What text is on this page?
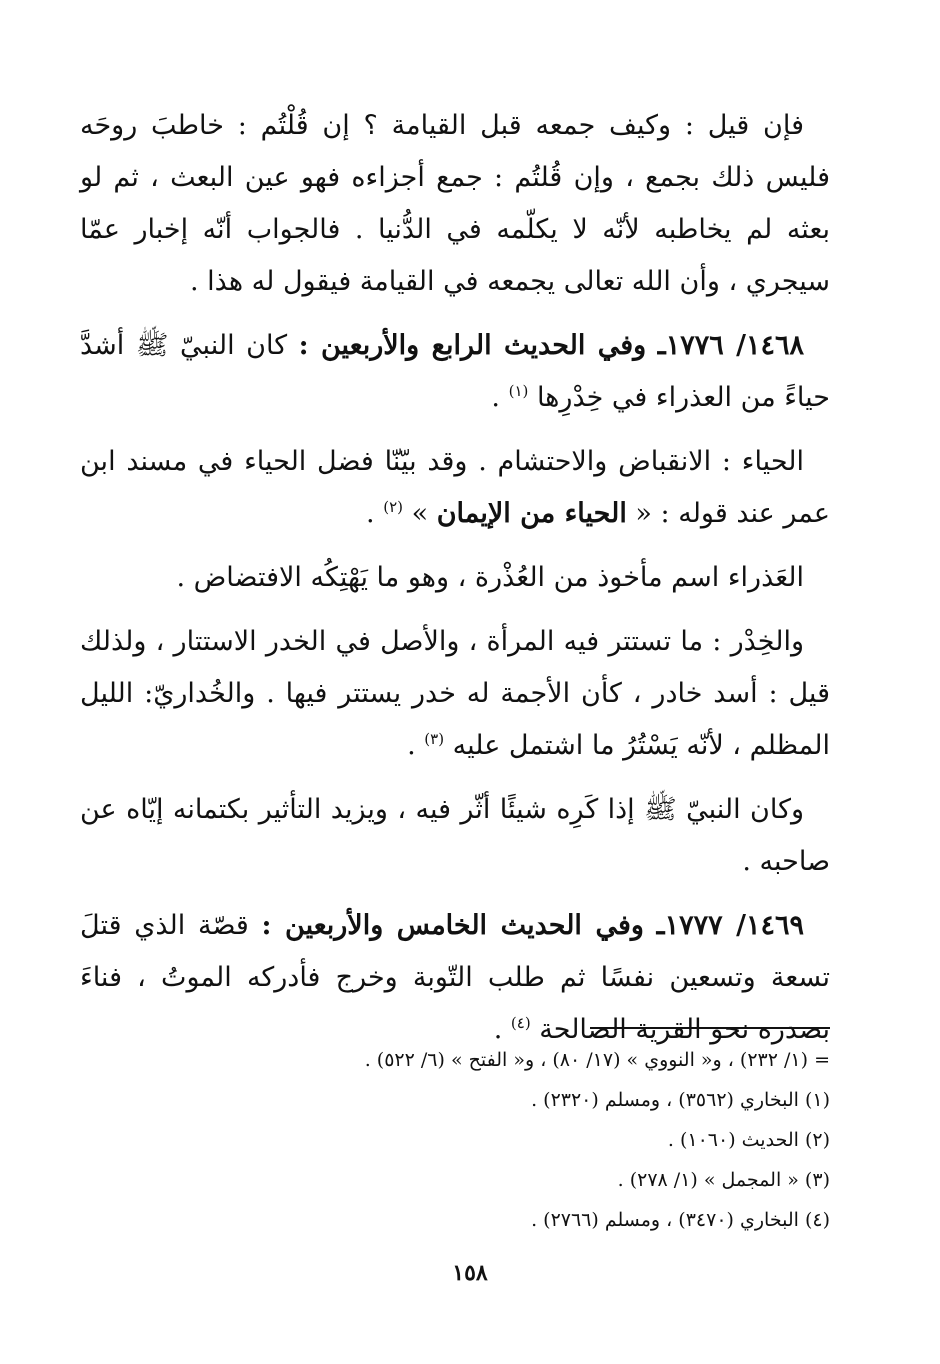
فإن قيل : وكيف جمعه قبل القيامة ؟ إن قُلْتُم : خاطبَ روحَه فليس ذلك بجمع ، وإن قُلتُم : جمع أجزاءه فهو عين البعث ، ثم لو بعثه لم يخاطبه لأنّه لا يكلّمه في الدُّنيا . فالجواب أنّه إخبار عمّا سيجري ، وأن الله تعالى يجمعه في القيامة فيقول له هذا .

١٤٦٨/ ١٧٧٦ـ وفي الحديث الرابع والأربعين : كان النبيّ ﷺ أشدَّ حياءً من العذراء في خِدْرِها $^{(١)}$ .

الحياء : الانقباض والاحتشام . وقد بيّنّا فضل الحياء في مسند ابن عمر عند قوله : « الحياء من الإيمان » $^{(٢)}$ .

العَذراء اسم مأخوذ من العُذْرة ، وهو ما يَهْتِكُه الافتضاض .

والخِدْر : ما تستتر فيه المرأة ، والأصل في الخدر الاستتار ، ولذلك قيل : أسد خادر ، كأن الأجمة له خدر يستتر فيها . والخُداريّ: الليل المظلم ، لأنّه يَسْتُرُ ما اشتمل عليه $^{(٣)}$ .

وكان النبيّ ﷺ إذا كَرِه شيئًا أثّر فيه ، ويزيد التأثير بكتمانه إيّاه عن صاحبه .

١٤٦٩/ ١٧٧٧ـ وفي الحديث الخامس والأربعين : قصّة الذي قتلَ تسعة وتسعين نفسًا ثم طلب التّوبة وخرج فأدركه الموتُ ، فناءَ بصدره نحو القرية الصالحة $^{(٤)}$ .

= (١/ ٢٣٢) ، و« النووي » (١٧/ ٨٠) ، و« الفتح » (٦/ ٥٢٢) .

(١) البخاري (٣٥٦٢) ، ومسلم (٢٣٢٠) .

(٢) الحديث (١٠٦٠) .

(٣) « المجمل » (١/ ٢٧٨) .

(٤) البخاري (٣٤٧٠) ، ومسلم (٢٧٦٦) .

١٥٨
